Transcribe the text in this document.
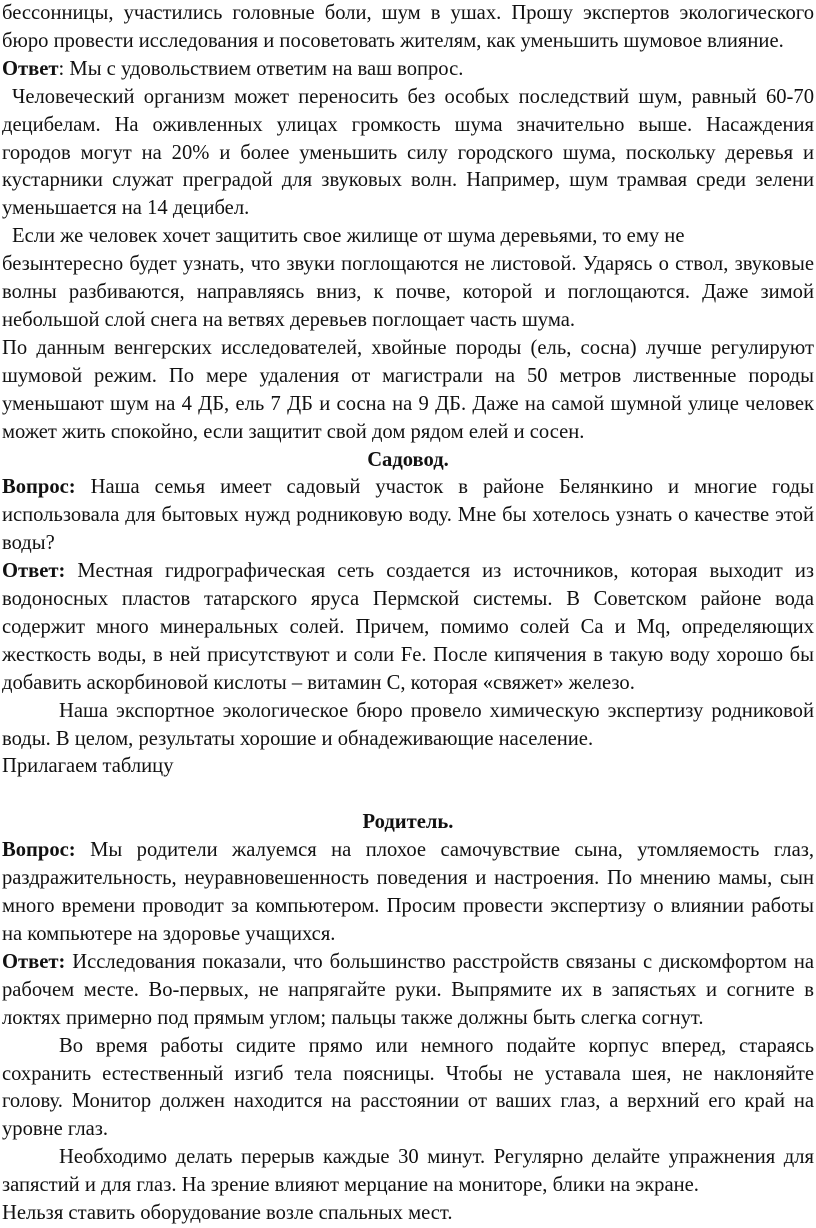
бессонницы, участились головные боли, шум в ушах. Прошу экспертов экологического бюро провести исследования и посоветовать жителям, как уменьшить шумовое влияние.

Ответ: Мы с удовольствием ответим на ваш вопрос.

Человеческий организм может переносить без особых последствий шум, равный 60-70 децибелам. На оживленных улицах громкость шума значительно выше. Насаждения городов могут на 20% и более уменьшить силу городского шума, поскольку деревья и кустарники служат преградой для звуковых волн. Например, шум трамвая среди зелени уменьшается на 14 децибел.

Если же человек хочет защитить свое жилище от шума деревьями, то ему не

безынтересно будет узнать, что звуки поглощаются не листовой. Ударясь о ствол, звуковые волны разбиваются, направляясь вниз, к почве, которой и поглощаются. Даже зимой небольшой слой снега на ветвях деревьев поглощает часть шума.

По данным венгерских исследователей, хвойные породы (ель, сосна) лучше регулируют шумовой режим. По мере удаления от магистрали на 50 метров лиственные породы уменьшают шум на 4 ДБ, ель 7 ДБ и сосна на 9 ДБ. Даже на самой шумной улице человек может жить спокойно, если защитит свой дом рядом елей и сосен.

Садовод.

Вопрос: Наша семья имеет садовый участок в районе Белянкино и многие годы использовала для бытовых нужд родниковую воду. Мне бы хотелось узнать о качестве этой воды?

Ответ: Местная гидрографическая сеть создается из источников, которая выходит из водоносных пластов татарского яруса Пермской системы. В Советском районе вода содержит много минеральных солей. Причем, помимо солей Са и Мq, определяющих жесткость воды, в ней присутствуют и соли Fe. После кипячения в такую воду хорошо бы добавить аскорбиновой кислоты – витамин С, которая «свяжет» железо.

Наша экспортное экологическое бюро провело химическую экспертизу родниковой воды. В целом, результаты хорошие и обнадеживающие население.

Прилагаем таблицу

Родитель.

Вопрос: Мы родители жалуемся на плохое самочувствие сына, утомляемость глаз, раздражительность, неуравновешенность поведения и настроения. По мнению мамы, сын много времени проводит за компьютером. Просим провести экспертизу о влиянии работы на компьютере на здоровье учащихся.

Ответ: Исследования показали, что большинство расстройств связаны с дискомфортом на рабочем месте. Во-первых, не напрягайте руки. Выпрямите их в запястьях и согните в локтях примерно под прямым углом; пальцы также должны быть слегка согнут.

Во время работы сидите прямо или немного подайте корпус вперед, стараясь сохранить естественный изгиб тела поясницы. Чтобы не уставала шея, не наклоняйте голову. Монитор должен находится на расстоянии от ваших глаз, а верхний его край на уровне глаз.

Необходимо делать перерыв каждые 30 минут. Регулярно делайте упражнения для запястий и для глаз. На зрение влияют мерцание на мониторе, блики на экране.

Нельзя ставить оборудование возле спальных мест.
